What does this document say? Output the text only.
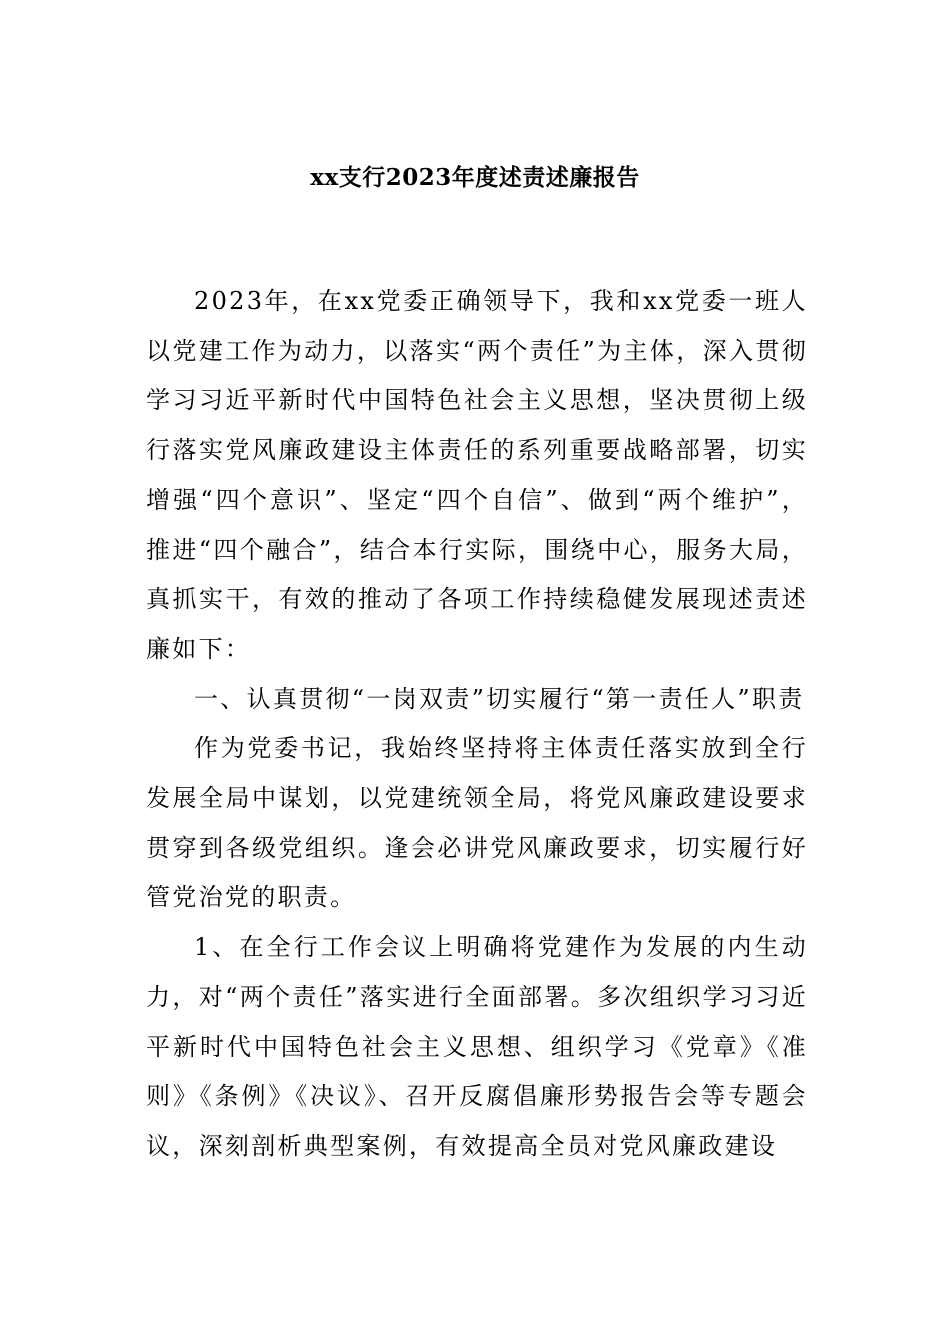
xx支行2023年度述责述廉报告

2023年，在xx党委正确领导下，我和xx党委一班人以党建工作为动力，以落实“两个责任”为主体，深入贯彻学习习近平新时代中国特色社会主义思想，坚决贯彻上级行落实党风廉政建设主体责任的系列重要战略部署，切实增强“四个意识”、坚定“四个自信”、做到“两个维护”，推进“四个融合”，结合本行实际，围绕中心，服务大局，真抓实干，有效的推动了各项工作持续稳健发展现述责述廉如下：

一、认真贯彻“一岗双责”切实履行“第一责任人”职责

作为党委书记，我始终坚持将主体责任落实放到全行发展全局中谋划，以党建统领全局，将党风廉政建设要求贯穿到各级党组织。逢会必讲党风廉政要求，切实履行好管党治党的职责。

1、在全行工作会议上明确将党建作为发展的内生动力，对“两个责任”落实进行全面部署。多次组织学习习近平新时代中国特色社会主义思想、组织学习《党章》《准则》《条例》《决议》、召开反腐倡廉形势报告会等专题会议，深刻剖析典型案例，有效提高全员对党风廉政建设
